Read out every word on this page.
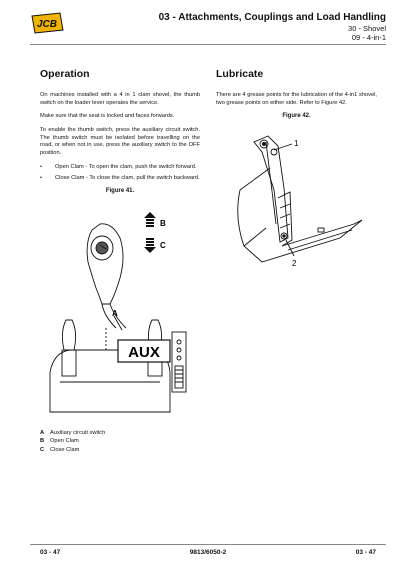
JCB
03 - Attachments, Couplings and Load Handling
30 - Shovel
09 - 4-in-1
Operation

On machines installed with a 4 in 1 clam shovel, the thumb switch on the loader lever operates the service.

Make sure that the seat is locked and faces forwards.

To enable the thumb switch, press the auxiliary circuit switch. The thumb switch must be isolated before travelling on the road, or when not in use, press the auxiliary switch to the OFF position.

• Open Clam - To open the clam, push the switch forward.
• Close Clam - To close the clam, pull the switch backward.
Figure 41.
B
C
A
AUX
A Auxiliary circuit switch
B Open Clam
C Close Clam
Lubricate

There are 4 grease points for the lubrication of the 4-in1 shovel, two grease points on either side. Refer to Figure 42.

Figure 42.
1
2
03 - 47	9813/6050-2	03 - 47
